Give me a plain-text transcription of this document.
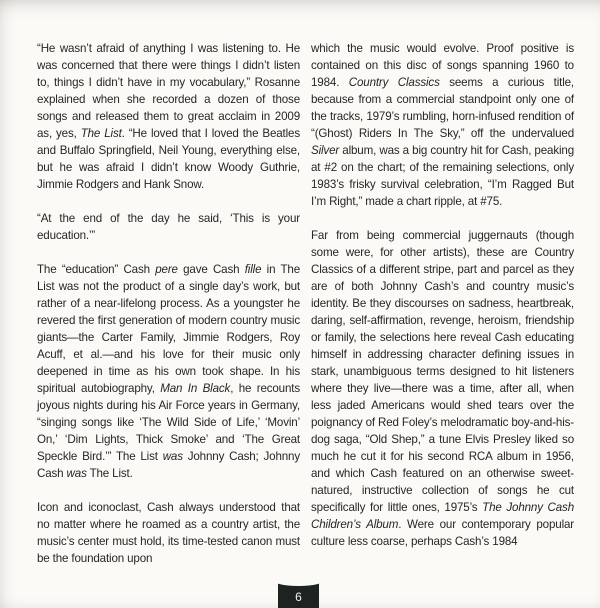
“He wasn’t afraid of anything I was listening to. He was concerned that there were things I didn’t listen to, things I didn’t have in my vocabulary,” Rosanne explained when she recorded a dozen of those songs and released them to great acclaim in 2009 as, yes, The List. “He loved that I loved the Beatles and Buffalo Springfield, Neil Young, everything else, but he was afraid I didn’t know Woody Guthrie, Jimmie Rodgers and Hank Snow.

“At the end of the day he said, ‘This is your education.’”

The “education” Cash pere gave Cash fille in The List was not the product of a single day’s work, but rather of a near-lifelong process. As a youngster he revered the first generation of modern country music giants—the Carter Family, Jimmie Rodgers, Roy Acuff, et al.—and his love for their music only deepened in time as his own took shape. In his spiritual autobiography, Man In Black, he recounts joyous nights during his Air Force years in Germany, “singing songs like ‘The Wild Side of Life,’ ‘Movin’ On,’ ‘Dim Lights, Thick Smoke’ and ‘The Great Speckle Bird.’” The List was Johnny Cash; Johnny Cash was The List.

Icon and iconoclast, Cash always understood that no matter where he roamed as a country artist, the music’s center must hold, its time-tested canon must be the foundation upon

which the music would evolve. Proof positive is contained on this disc of songs spanning 1960 to 1984. Country Classics seems a curious title, because from a commercial standpoint only one of the tracks, 1979’s rumbling, horn-infused rendition of “(Ghost) Riders In The Sky,” off the undervalued Silver album, was a big country hit for Cash, peaking at #2 on the chart; of the remaining selections, only 1983’s frisky survival celebration, “I’m Ragged But I’m Right,” made a chart ripple, at #75.

Far from being commercial juggernauts (though some were, for other artists), these are Country Classics of a different stripe, part and parcel as they are of both Johnny Cash’s and country music’s identity. Be they discourses on sadness, heartbreak, daring, self-affirmation, revenge, heroism, friendship or family, the selections here reveal Cash educating himself in addressing character defining issues in stark, unambiguous terms designed to hit listeners where they live—there was a time, after all, when less jaded Americans would shed tears over the poignancy of Red Foley’s melodramatic boy-and-his-dog saga, “Old Shep,” a tune Elvis Presley liked so much he cut it for his second RCA album in 1956, and which Cash featured on an otherwise sweet-natured, instructive collection of songs he cut specifically for little ones, 1975’s The Johnny Cash Children’s Album. Were our contemporary popular culture less coarse, perhaps Cash’s 1984

6
